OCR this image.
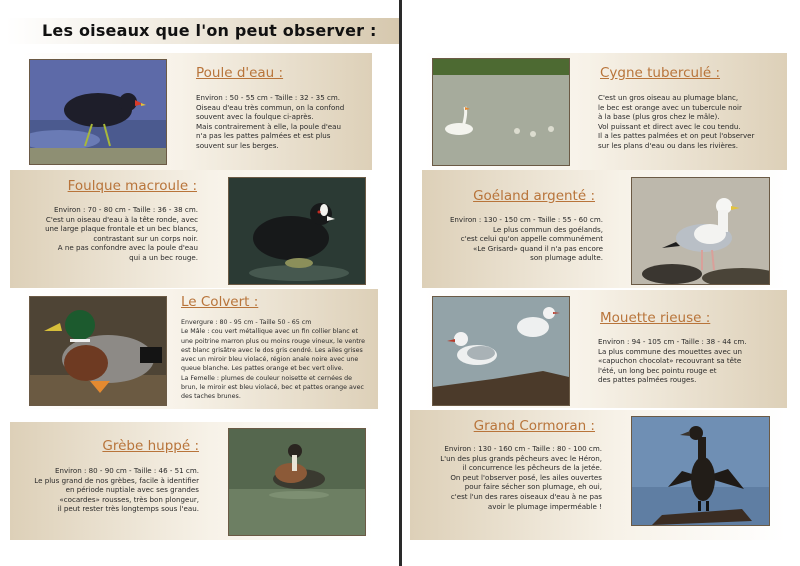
Les oiseaux que l'on peut observer :
Poule d'eau :

Environ : 50 - 55 cm - Taille : 32 - 35 cm.

Oiseau d'eau très commun, on la confond

souvent avec la foulque ci-après.

Mais contrairement à elle, la poule d'eau

n'a pas les pattes palmées et est plus

souvent sur les berges.

Foulque macroule :

Environ : 70 - 80 cm - Taille : 36 - 38 cm.

C'est un oiseau d'eau à la tête ronde, avec

une large plaque frontale et un bec blancs,

contrastant sur un corps noir.

A ne pas confondre avec la poule d'eau

qui a un bec rouge.

Le Colvert :

Envergure : 80 - 95 cm - Taille 50 - 65 cm

Le Mâle : cou vert métallique avec un fin collier blanc et

une poitrine marron plus ou moins rouge vineux, le ventre

est blanc grisâtre avec le dos gris cendré. Les ailes grises

avec un miroir bleu violacé, région anale noire avec une

queue blanche. Les pattes orange et bec vert olive.

La Femelle : plumes de couleur noisette et cernées de

brun, le miroir est bleu violacé, bec et pattes orange avec

des taches brunes.

Grèbe huppé :

Environ : 80 - 90 cm - Taille : 46 - 51 cm.

Le plus grand de nos grèbes, facile à identifier

en période nuptiale avec ses grandes

«cocardes» rousses, très bon plongeur,

il peut rester très longtemps sous l'eau.

Cygne tuberculé :

C'est un gros oiseau au plumage blanc,

le bec est orange avec un tubercule noir

à la base (plus gros chez le mâle).

Vol puissant et direct avec le cou tendu.

Il a les pattes palmées et on peut l'observer

sur les plans d'eau ou dans les rivières.

Goéland argenté :

Environ : 130 - 150 cm - Taille : 55 - 60 cm.

Le plus commun des goélands,

c'est celui qu'on appelle communément

«Le Grisard» quand il n'a pas encore

son plumage adulte.

Mouette rieuse :

Environ : 94 - 105 cm - Taille : 38 - 44 cm.

La plus commune des mouettes avec un

«capuchon chocolat» recouvrant sa tête

l'été, un long bec pointu rouge et

des pattes palmées rouges.

Grand Cormoran :

Environ : 130 - 160 cm - Taille : 80 - 100 cm.

L'un des plus grands pêcheurs avec le Héron,

il concurrence les pêcheurs de la jetée.

On peut l'observer posé, les ailes ouvertes

pour faire sécher son plumage, eh oui,

c'est l'un des rares oiseaux d'eau à ne pas

avoir le plumage imperméable !
